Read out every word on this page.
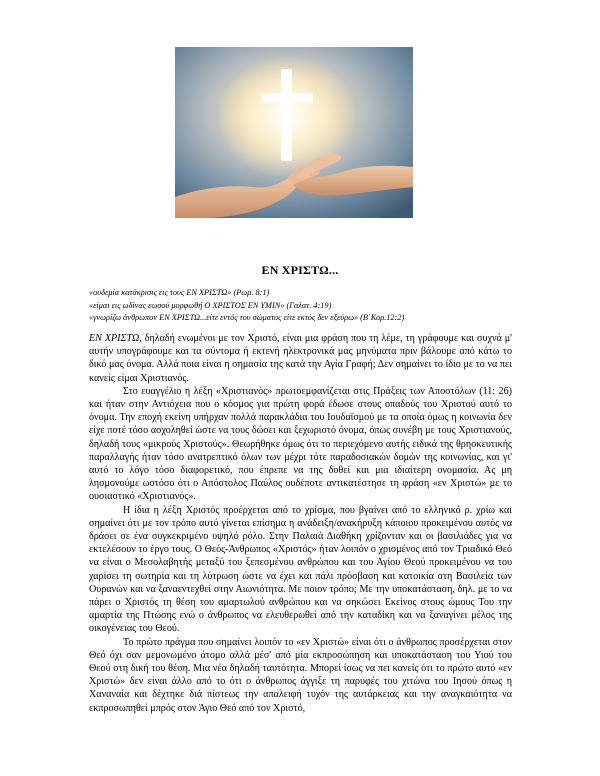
ΕΝ ΧΡΙΣΤΩ...
«ουδεμία κατάκρισις εις τους ΕΝ ΧΡΙΣΤΩ» (Ρωμ. 8:1)
«είμαι εις ωδίνας εωσού μορφωθή Ο ΧΡΙΣΤΟΣ ΕΝ ΥΜΙΝ» (Γαλατ. 4:19)
«γνωρίζω άνθρωπον ΕΝ ΧΡΙΣΤΩ...είτε εντός του σώματος είτε εκτός δεν εξεύρω» (Β΄Κορ.12:2)

ΕΝ ΧΡΙΣΤΩ, δηλαδή ενωμένοι με τον Χριστό, είναι μια φράση που τη λέμε, τη γράφουμε και συχνά μ' αυτήν υπογράφουμε και τα σύντομα ή εκτενή ηλεκτρονικά μας μηνύματα πριν βάλουμε από κάτω το δικό μας όνομα. Αλλά ποια είναι η σημασία της κατά την Αγία Γραφή; Δεν σημαίνει το ίδιο με το να πει κανείς είμαι Χριστιανός.

Στο ευαγγέλιο η λέξη «Χριστιανός» πρωτοεμφανίζεται στις Πράξεις των Αποστόλων (11: 26) και ήταν στην Αντιόχεια που ο κόσμος για πρώτη φορά έδωσε στους οπαδούς του Χριστού αυτό το όνομα. Την εποχή εκείνη υπήρχαν πολλά παρακλάδια του Ιουδαϊσμού με τα οποία όμως η κοινωνία δεν είχε ποτέ τόσο ασχοληθεί ώστε να τους δώσει και ξεχωριστό όνομα, όπως συνέβη με τους Χριστιανούς, δηλαδή τους «μικρούς Χριστούς». Θεωρήθηκε όμως ότι το περιεχόμενο αυτής ειδικά της θρησκευτικής παραλλαγής ήταν τόσο ανατρεπτικό όλων των μέχρι τότε παραδοσιακών δομών της κοινωνίας, και γι' αυτό το λόγο τόσο διαφορετικό, που έπρεπε να της δοθεί και μια ιδιαίτερη ονομασία. Ας μη λησμονούμε ωστόσο ότι ο Απόστολος Παύλος ουδέποτε αντικατέστησε τη φράση «εν Χριστώ» με το ουσιαστικό «Χριστιανός».

Η ίδια η λέξη Χριστός προέρχεται από το χρίσμα, που βγαίνει από το ελληνικό ρ. χρίω και σημαίνει ότι με τον τρόπο αυτό γίνεται επίσημα η ανάδειξη/ανακήρυξη κάποιου προκειμένου αυτός να δράσει σε ένα συγκεκριμένο υψηλό ρόλο. Στην Παλαιά Διαθήκη χρίζονταν και οι βασιλιάδες για να εκτελέσουν το έργο τους. Ο Θεός-Άνθρωπος «Χριστός» ήταν λοιπόν ο χρισμένος από τον Τριαδικό Θεό να είναι ο Μεσολαβητής μεταξύ του ξεπεσμένου ανθρώπου και του Αγίου Θεού προκειμένου να του χαρίσει τη σωτηρία και τη λύτρωση ώστε να έχει και πάλι πρόσβαση και κατοικία στη Βασιλεία των Ουρανών και να ξαναεντεχθεί στην Αιωνιότητα. Με ποιον τρόπο; Με την υποκατάσταση, δηλ. με το να πάρει ο Χριστός τη θέση του αμαρτωλού ανθρώπου και να σηκώσει Εκείνος στους ώμους Του την αμαρτία της Πτώσης ενώ ο άνθρωπος να ελευθερωθεί από την καταδίκη και να ξαναγίνει μέλος της οικογένειας του Θεού.

Το πρώτο πράγμα που σημαίνει λοιπόν το «εν Χριστώ» είναι ότι ο άνθρωπος προσέρχεται στον Θεό όχι σαν μεμονωμένο άτομο αλλά μέσ' από μία εκπροσώπηση και υποκατάσταση του Υιού του Θεού στη δική του θέση. Μια νέα δηλαδή ταυτότητα. Μπορεί ίσως να πει κανείς ότι το πρώτο αυτό «εν Χριστώ» δεν είναι άλλο από το ότι ο άνθρωπος άγγιξε τη παρυφές του χιτώνα του Ιησού όπως η Χαναναία και δέχτηκε διά πίστεως την απαλειφή τυχόν της αυτάρκειας και την αναγκαιότητα να εκπροσωπηθεί μπρός στον Άγιο Θεό από τον Χριστό,
